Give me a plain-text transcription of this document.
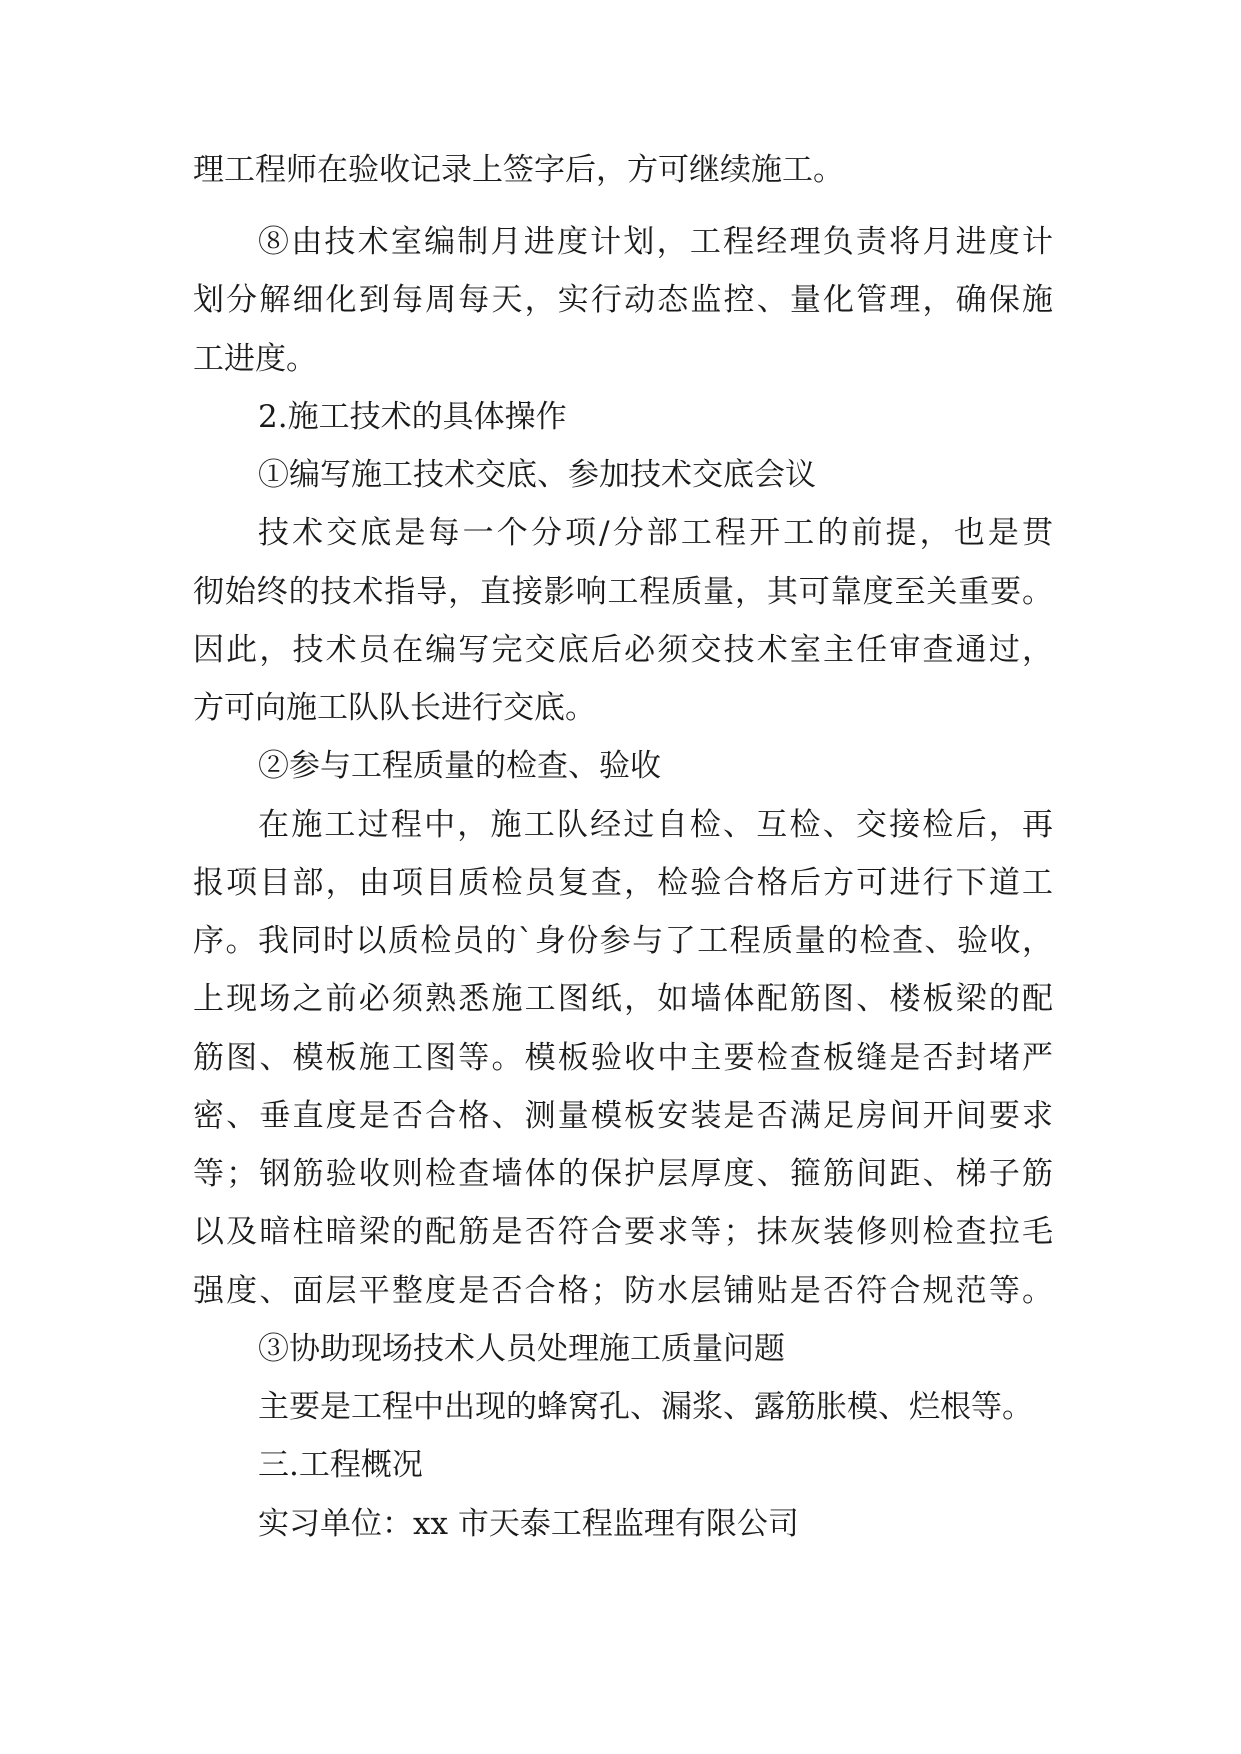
理工程师在验收记录上签字后，方可继续施工。

⑧由技术室编制月进度计划，工程经理负责将月进度计

划分解细化到每周每天，实行动态监控、量化管理，确保施

工进度。

2.施工技术的具体操作

①编写施工技术交底、参加技术交底会议

技术交底是每一个分项/分部工程开工的前提，也是贯

彻始终的技术指导，直接影响工程质量，其可靠度至关重要。

因此，技术员在编写完交底后必须交技术室主任审查通过，

方可向施工队队长进行交底。

②参与工程质量的检查、验收

在施工过程中，施工队经过自检、互检、交接检后，再

报项目部，由项目质检员复查，检验合格后方可进行下道工

序。我同时以质检员的`身份参与了工程质量的检查、验收，

上现场之前必须熟悉施工图纸，如墙体配筋图、楼板梁的配

筋图、模板施工图等。模板验收中主要检查板缝是否封堵严

密、垂直度是否合格、测量模板安装是否满足房间开间要求

等；钢筋验收则检查墙体的保护层厚度、箍筋间距、梯子筋

以及暗柱暗梁的配筋是否符合要求等；抹灰装修则检查拉毛

强度、面层平整度是否合格；防水层铺贴是否符合规范等。

③协助现场技术人员处理施工质量问题

主要是工程中出现的蜂窝孔、漏浆、露筋胀模、烂根等。

三.工程概况

实习单位：xx 市天泰工程监理有限公司
